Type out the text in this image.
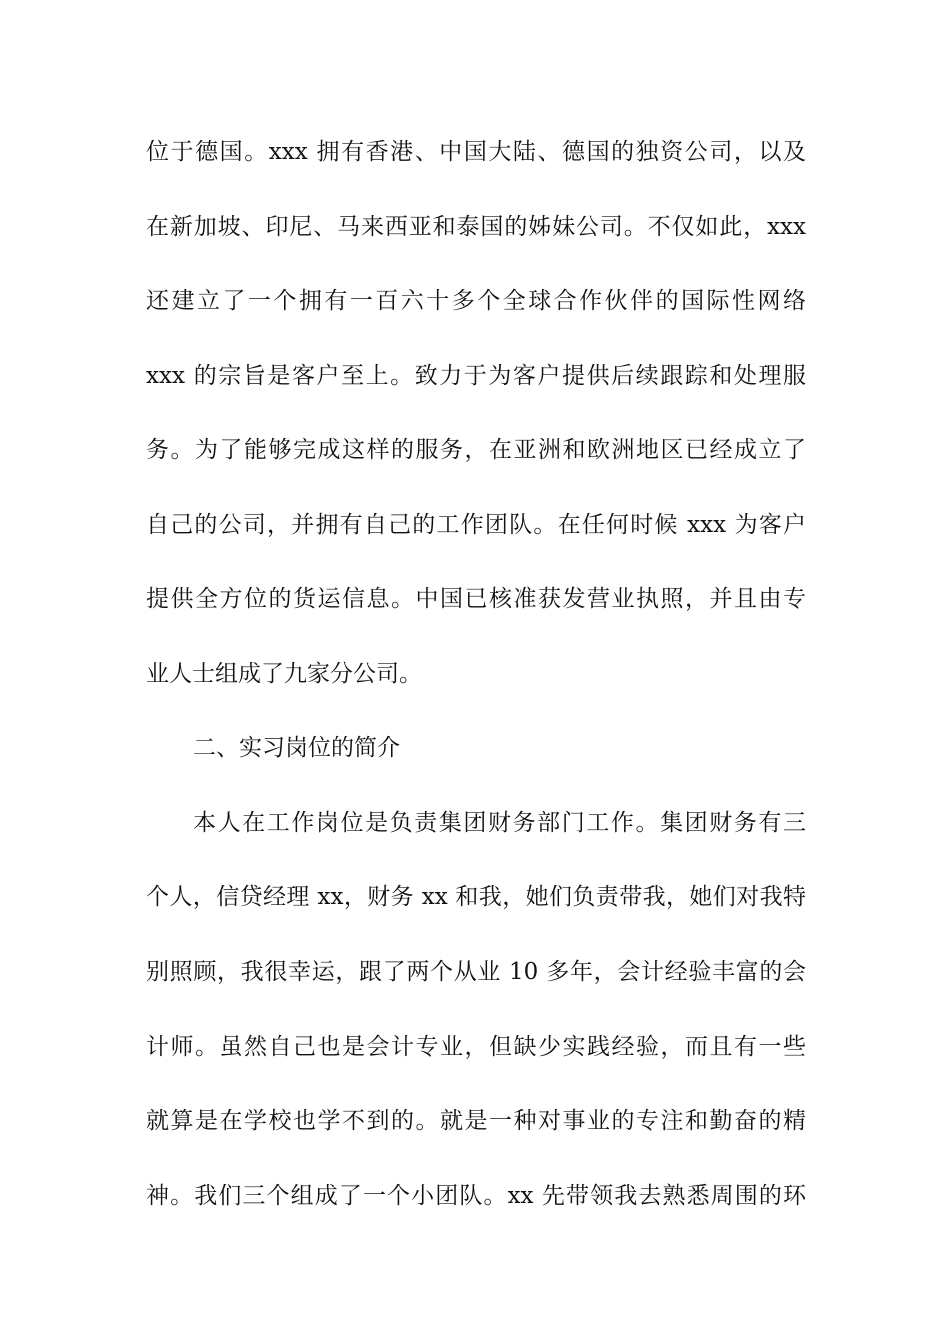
位于德国。xxx 拥有香港、中国大陆、德国的独资公司，以及
在新加坡、印尼、马来西亚和泰国的姊妹公司。不仅如此，xxx
还建立了一个拥有一百六十多个全球合作伙伴的国际性网络
xxx 的宗旨是客户至上。致力于为客户提供后续跟踪和处理服
务。为了能够完成这样的服务，在亚洲和欧洲地区已经成立了
自己的公司，并拥有自己的工作团队。在任何时候 xxx 为客户
提供全方位的货运信息。中国已核准获发营业执照，并且由专
业人士组成了九家分公司。
二、实习岗位的简介
本人在工作岗位是负责集团财务部门工作。集团财务有三
个人，信贷经理 xx，财务 xx 和我，她们负责带我，她们对我特
别照顾，我很幸运，跟了两个从业 10 多年，会计经验丰富的会
计师。虽然自己也是会计专业，但缺少实践经验，而且有一些
就算是在学校也学不到的。就是一种对事业的专注和勤奋的精
神。我们三个组成了一个小团队。xx 先带领我去熟悉周围的环
